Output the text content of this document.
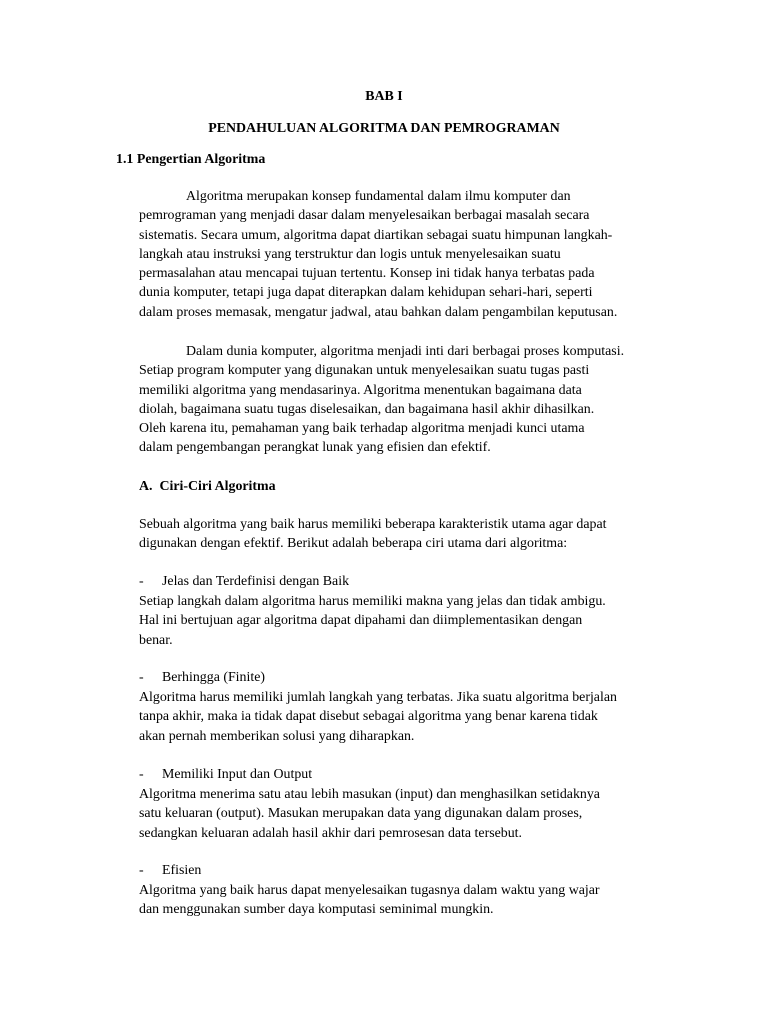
BAB I

PENDAHULUAN ALGORITMA DAN PEMROGRAMAN

1.1 Pengertian Algoritma

Algoritma merupakan konsep fundamental dalam ilmu komputer dan
pemrograman yang menjadi dasar dalam menyelesaikan berbagai masalah secara
sistematis. Secara umum, algoritma dapat diartikan sebagai suatu himpunan langkah-
langkah atau instruksi yang terstruktur dan logis untuk menyelesaikan suatu
permasalahan atau mencapai tujuan tertentu. Konsep ini tidak hanya terbatas pada
dunia komputer, tetapi juga dapat diterapkan dalam kehidupan sehari-hari, seperti
dalam proses memasak, mengatur jadwal, atau bahkan dalam pengambilan keputusan.
Dalam dunia komputer, algoritma menjadi inti dari berbagai proses komputasi.
Setiap program komputer yang digunakan untuk menyelesaikan suatu tugas pasti
memiliki algoritma yang mendasarinya. Algoritma menentukan bagaimana data
diolah, bagaimana suatu tugas diselesaikan, dan bagaimana hasil akhir dihasilkan.
Oleh karena itu, pemahaman yang baik terhadap algoritma menjadi kunci utama
dalam pengembangan perangkat lunak yang efisien dan efektif.

A.  Ciri-Ciri Algoritma

Sebuah algoritma yang baik harus memiliki beberapa karakteristik utama agar dapat
digunakan dengan efektif. Berikut adalah beberapa ciri utama dari algoritma:

- Jelas dan Terdefinisi dengan Baik

Setiap langkah dalam algoritma harus memiliki makna yang jelas dan tidak ambigu.
Hal ini bertujuan agar algoritma dapat dipahami dan diimplementasikan dengan
benar.

- Berhingga (Finite)

Algoritma harus memiliki jumlah langkah yang terbatas. Jika suatu algoritma berjalan
tanpa akhir, maka ia tidak dapat disebut sebagai algoritma yang benar karena tidak
akan pernah memberikan solusi yang diharapkan.

- Memiliki Input dan Output

Algoritma menerima satu atau lebih masukan (input) dan menghasilkan setidaknya
satu keluaran (output). Masukan merupakan data yang digunakan dalam proses,
sedangkan keluaran adalah hasil akhir dari pemrosesan data tersebut.

- Efisien

Algoritma yang baik harus dapat menyelesaikan tugasnya dalam waktu yang wajar
dan menggunakan sumber daya komputasi seminimal mungkin.
